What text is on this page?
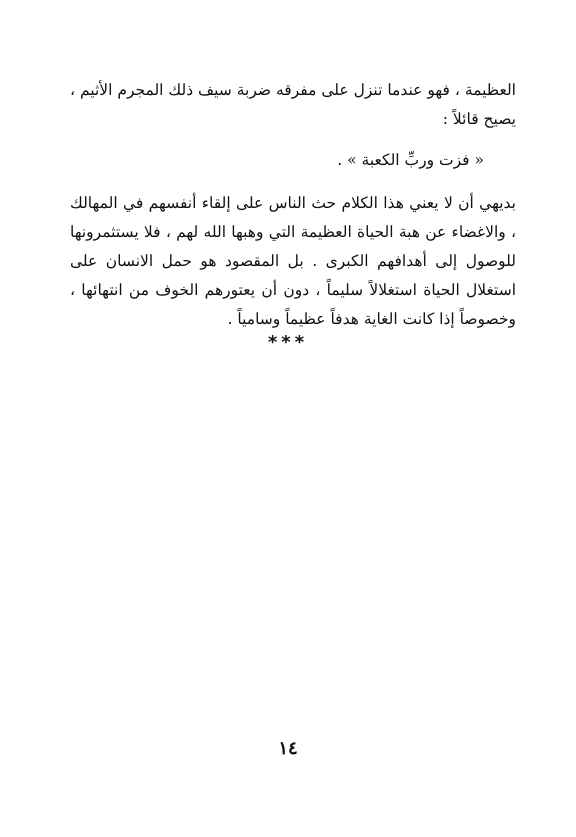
العظيمة ، فهو عندما تنزل على مفرقه ضربة سيف ذلك المجرم الأثيم ، يصيح قائلاً :

« فزت وربِّ الكعبة » .

بديهي أن لا يعني هذا الكلام حث الناس على إلقاء أنفسهم في المهالك ، والاغضاء عن هبة الحياة العظيمة التي وهبها الله لهم ، فلا يستثمرونها للوصول إلى أهدافهم الكبرى . بل المقصود هو حمل الانسان على استغلال الحياة استغلالاً سليماً ، دون أن يعتورهم الخوف من انتهائها ، وخصوصاً إذا كانت الغاية هدفاً عظيماً وسامياً .

***
١٤
